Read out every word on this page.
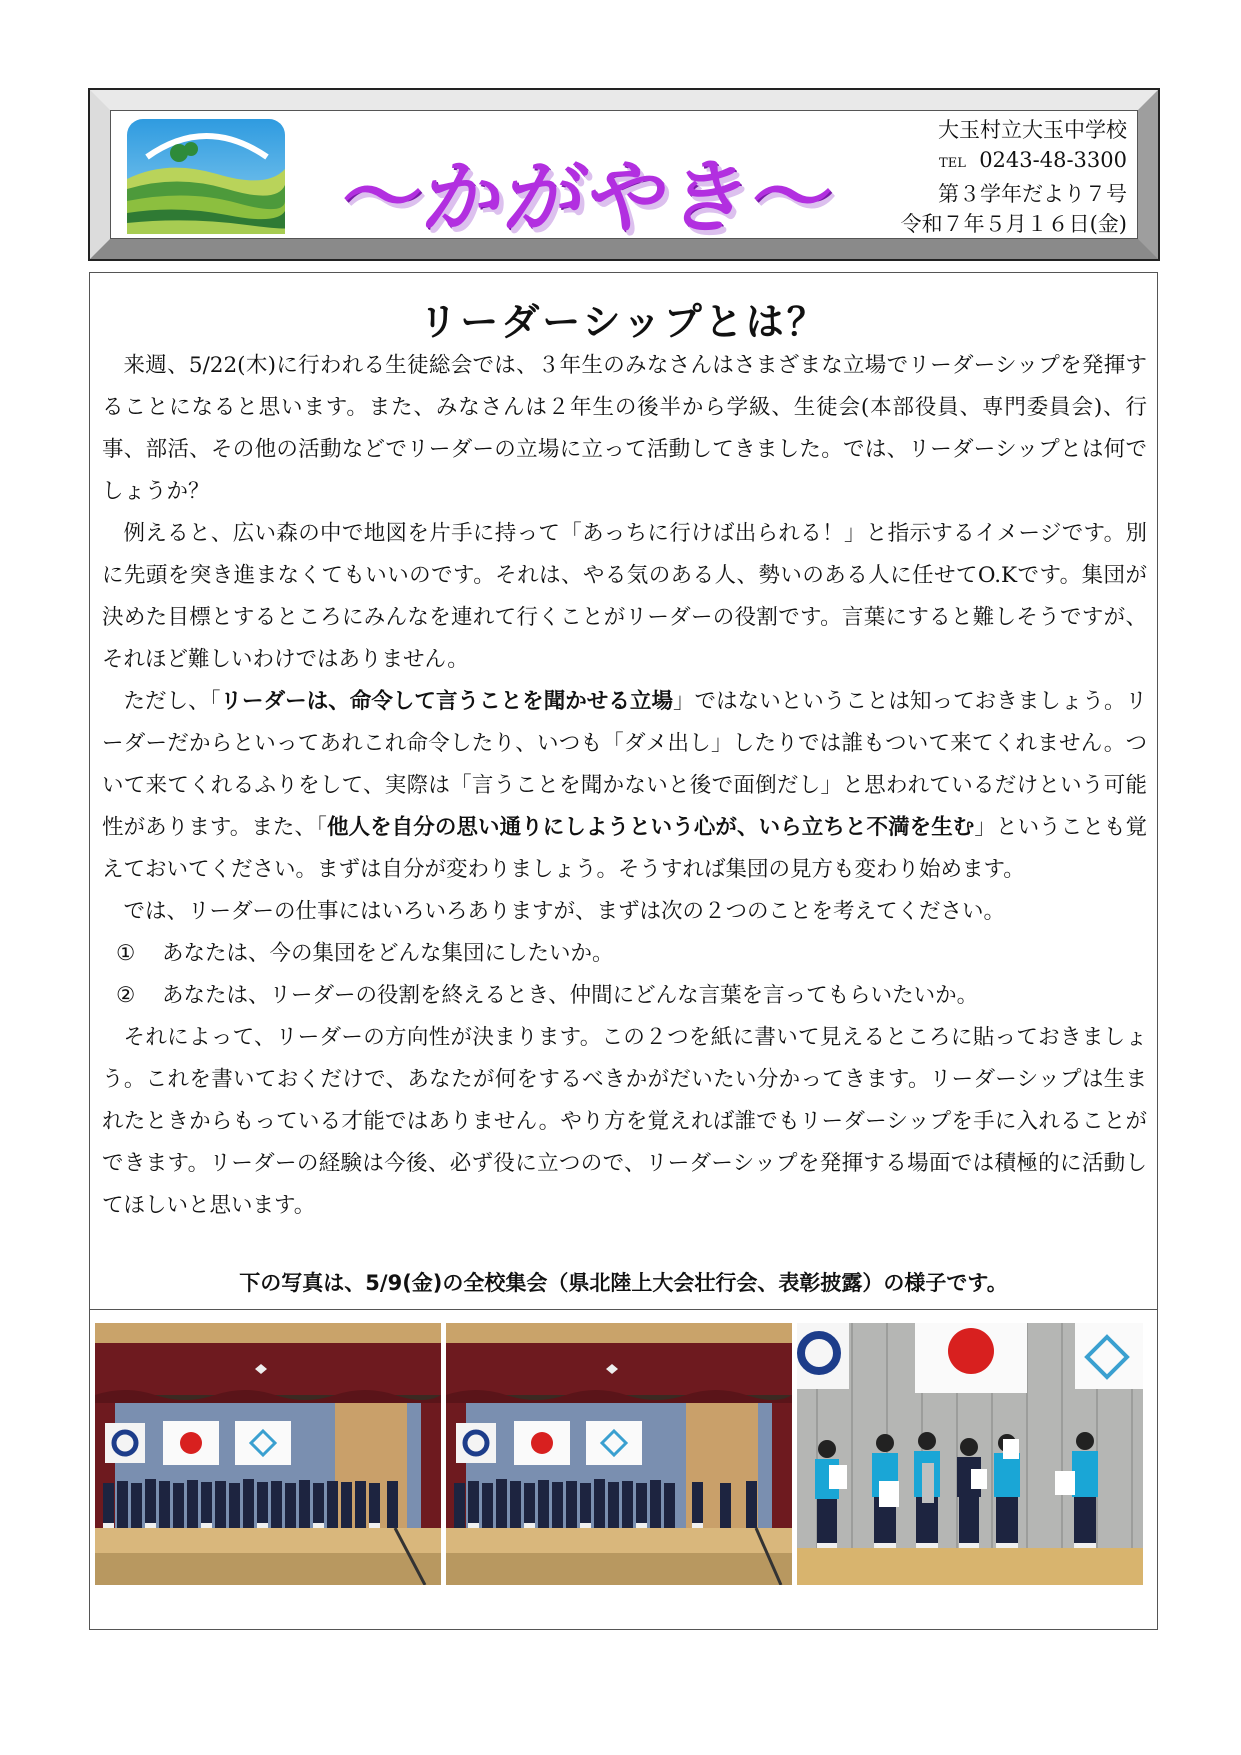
〜かがやき〜
大玉村立大玉中学校
TEL 0243-48-3300
第３学年だより７号
令和７年５月１６日(金)
リーダーシップとは？

来週、5/22(木)に行われる生徒総会では、３年生のみなさんはさまざまな立場でリーダーシップを発揮することになると思います。また、みなさんは２年生の後半から学級、生徒会(本部役員、専門委員会)、行事、部活、その他の活動などでリーダーの立場に立って活動してきました。では、リーダーシップとは何でしょうか？

例えると、広い森の中で地図を片手に持って「あっちに行けば出られる！」と指示するイメージです。別に先頭を突き進まなくてもいいのです。それは、やる気のある人、勢いのある人に任せてO.Kです。集団が決めた目標とするところにみんなを連れて行くことがリーダーの役割です。言葉にすると難しそうですが、それほど難しいわけではありません。

ただし、「リーダーは、命令して言うことを聞かせる立場」ではないということは知っておきましょう。リーダーだからといってあれこれ命令したり、いつも「ダメ出し」したりでは誰もついて来てくれません。ついて来てくれるふりをして、実際は「言うことを聞かないと後で面倒だし」と思われているだけという可能性があります。また、「他人を自分の思い通りにしようという心が、いら立ちと不満を生む」ということも覚えておいてください。まずは自分が変わりましょう。そうすれば集団の見方も変わり始めます。

では、リーダーの仕事にはいろいろありますが、まずは次の２つのことを考えてください。

① あなたは、今の集団をどんな集団にしたいか。

② あなたは、リーダーの役割を終えるとき、仲間にどんな言葉を言ってもらいたいか。

それによって、リーダーの方向性が決まります。この２つを紙に書いて見えるところに貼っておきましょう。これを書いておくだけで、あなたが何をするべきかがだいたい分かってきます。リーダーシップは生まれたときからもっている才能ではありません。やり方を覚えれば誰でもリーダーシップを手に入れることができます。リーダーの経験は今後、必ず役に立つので、リーダーシップを発揮する場面では積極的に活動してほしいと思います。

下の写真は、5/9(金)の全校集会（県北陸上大会壮行会、表彰披露）の様子です。
